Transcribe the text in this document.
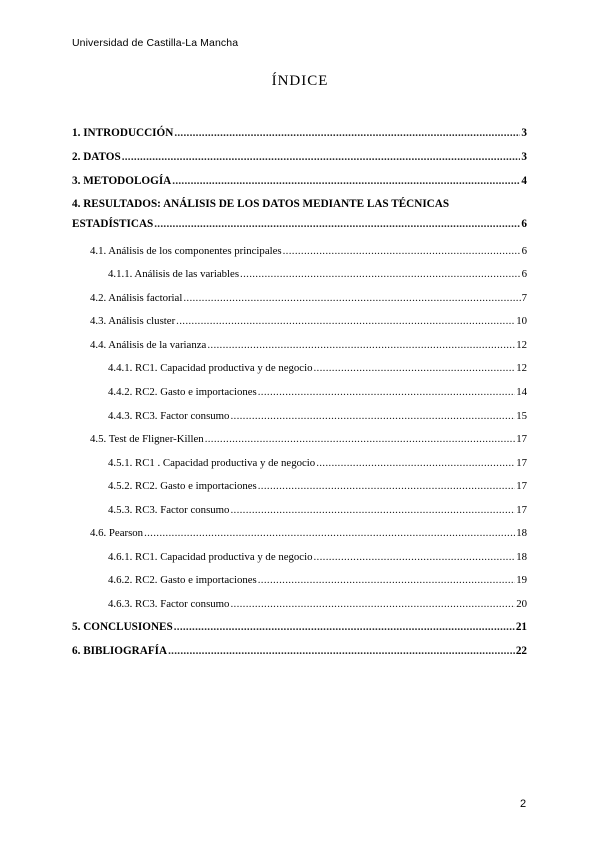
Universidad de Castilla-La Mancha
ÍNDICE
1. INTRODUCCIÓN .....	3
2. DATOS .....	3
3. METODOLOGÍA .....	4
4. RESULTADOS: ANÁLISIS DE LOS DATOS MEDIANTE LAS TÉCNICAS
ESTADÍSTICAS .....	6
4.1. Análisis de los componentes principales .....	6
4.1.1. Análisis de las variables .....	6
4.2. Análisis factorial .....	7
4.3. Análisis cluster .....	10
4.4. Análisis de la varianza .....	12
4.4.1. RC1. Capacidad productiva y de negocio .....	12
4.4.2. RC2. Gasto e importaciones .....	14
4.4.3. RC3. Factor consumo .....	15
4.5. Test de Fligner-Killen .....	17
4.5.1. RC1 . Capacidad productiva y de negocio .....	17
4.5.2. RC2. Gasto e importaciones .....	17
4.5.3. RC3. Factor consumo .....	17
4.6. Pearson .....	18
4.6.1. RC1. Capacidad productiva y de negocio .....	18
4.6.2. RC2. Gasto e importaciones .....	19
4.6.3. RC3. Factor consumo .....	20
5. CONCLUSIONES .....	21
6. BIBLIOGRAFÍA .....	22
2
